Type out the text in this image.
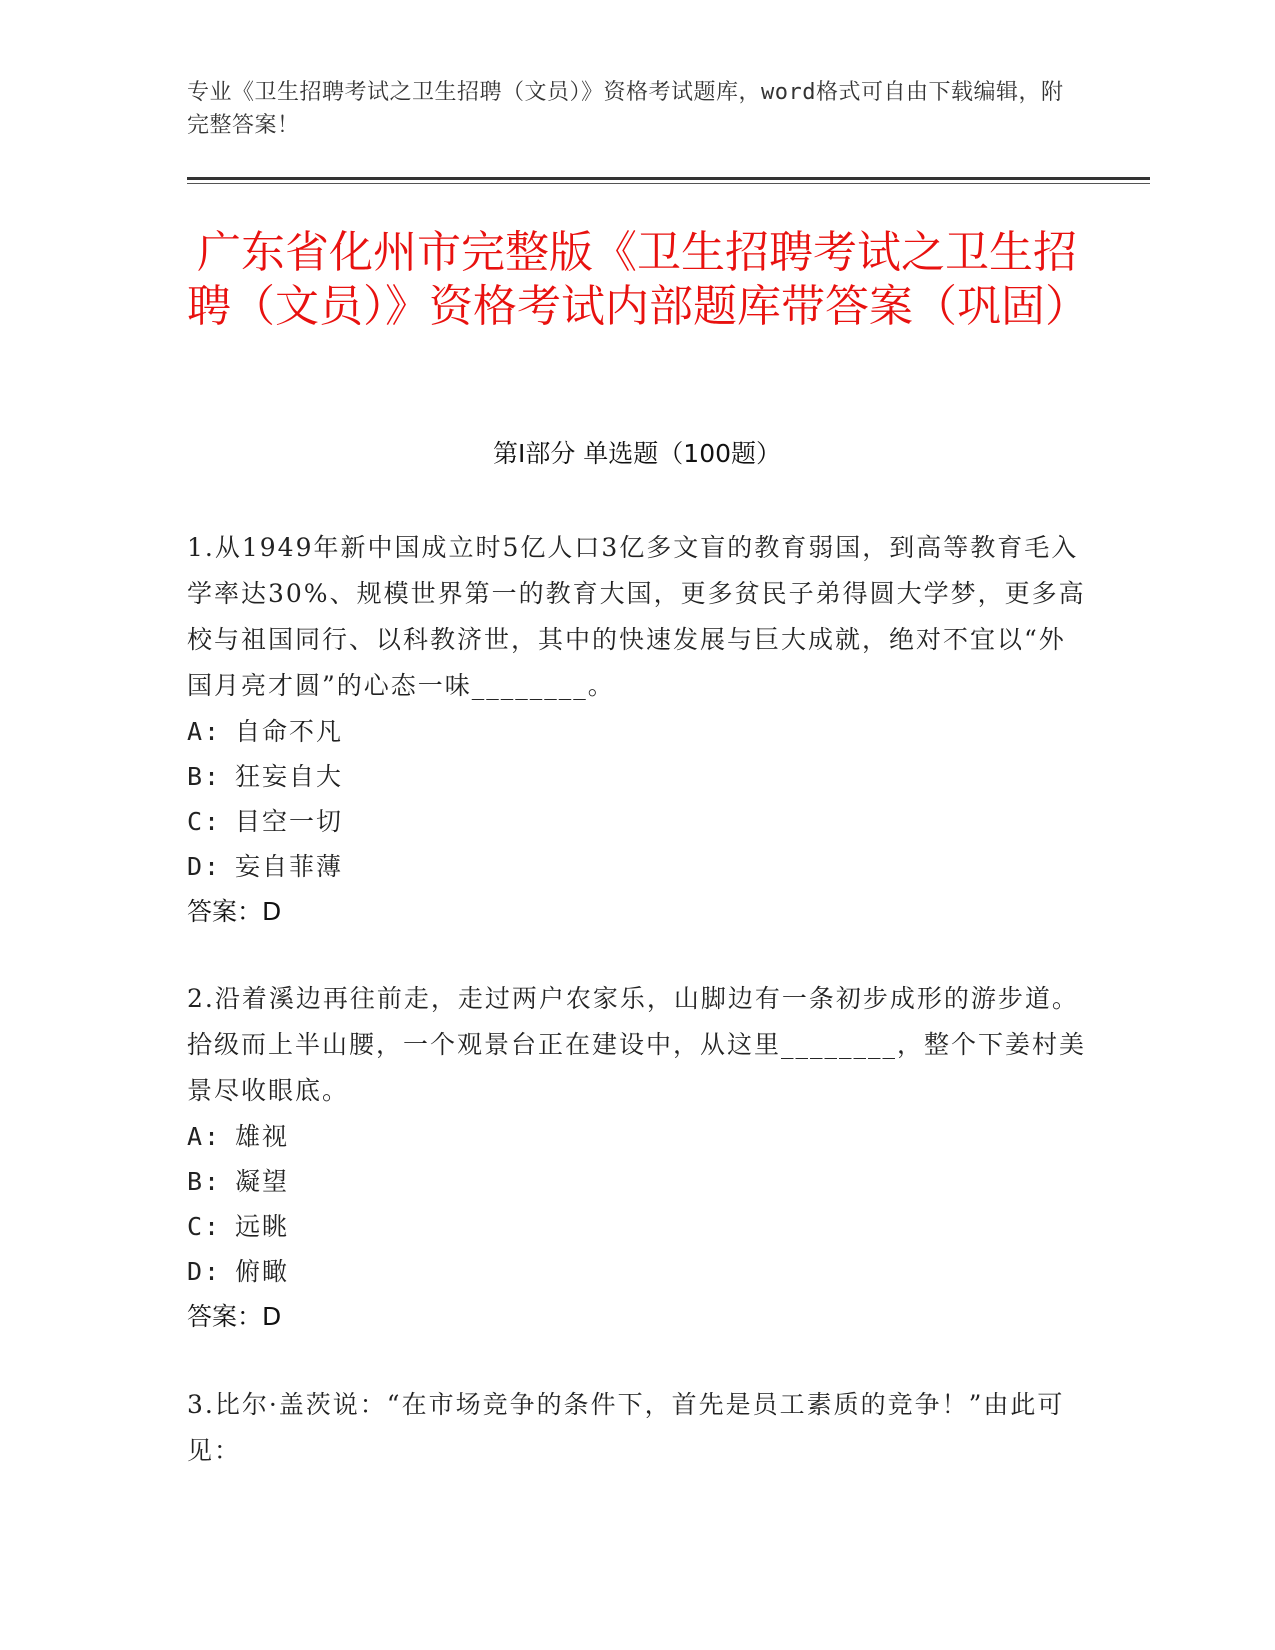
专业《卫生招聘考试之卫生招聘（文员）》资格考试题库，word格式可自由下载编辑，附完整答案！
广东省化州市完整版《卫生招聘考试之卫生招聘（文员）》资格考试内部题库带答案（巩固）
第I部分 单选题（100题）

1.从1949年新中国成立时5亿人口3亿多文盲的教育弱国，到高等教育毛入学率达30%、规模世界第一的教育大国，更多贫民子弟得圆大学梦，更多高校与祖国同行、以科教济世，其中的快速发展与巨大成就，绝对不宜以“外国月亮才圆”的心态一味________。

A: 自命不凡
B: 狂妄自大
C: 目空一切
D: 妄自菲薄
答案：D

2.沿着溪边再往前走，走过两户农家乐，山脚边有一条初步成形的游步道。拾级而上半山腰，一个观景台正在建设中，从这里________，整个下姜村美景尽收眼底。

A: 雄视
B: 凝望
C: 远眺
D: 俯瞰
答案：D

3.比尔·盖茨说：“在市场竞争的条件下，首先是员工素质的竞争！”由此可见：
